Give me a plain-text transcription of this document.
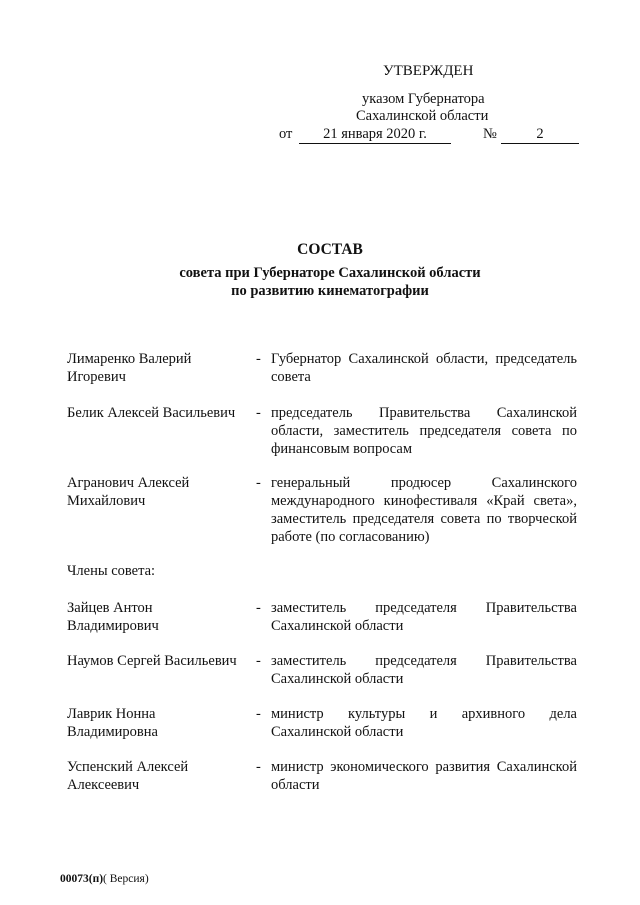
УТВЕРЖДЕН
указом Губернатора
Сахалинской области
от	21 января 2020 г.	№	2
СОСТАВ
совета при Губернаторе Сахалинской области
по развитию кинематографии
Лимаренко Валерий Игоревич
- Губернатор Сахалинской области, председатель совета
Белик Алексей Васильевич	- председатель Правительства Сахалинской области, заместитель председателя совета по финансовым вопросам
Агранович Алексей Михайлович
- генеральный продюсер Сахалинского международного кинофестиваля «Край света», заместитель председателя совета по творческой работе (по согласованию)
Члены совета:
Зайцев Антон Владимирович
- заместитель председателя Правительства Сахалинской области
Наумов Сергей Васильевич	- заместитель председателя Правительства Сахалинской области
Лаврик Нонна Владимировна
- министр культуры и архивного дела Сахалинской области
Успенский Алексей Алексеевич
- министр экономического развития Сахалинской области
00073(п)( Версия)
